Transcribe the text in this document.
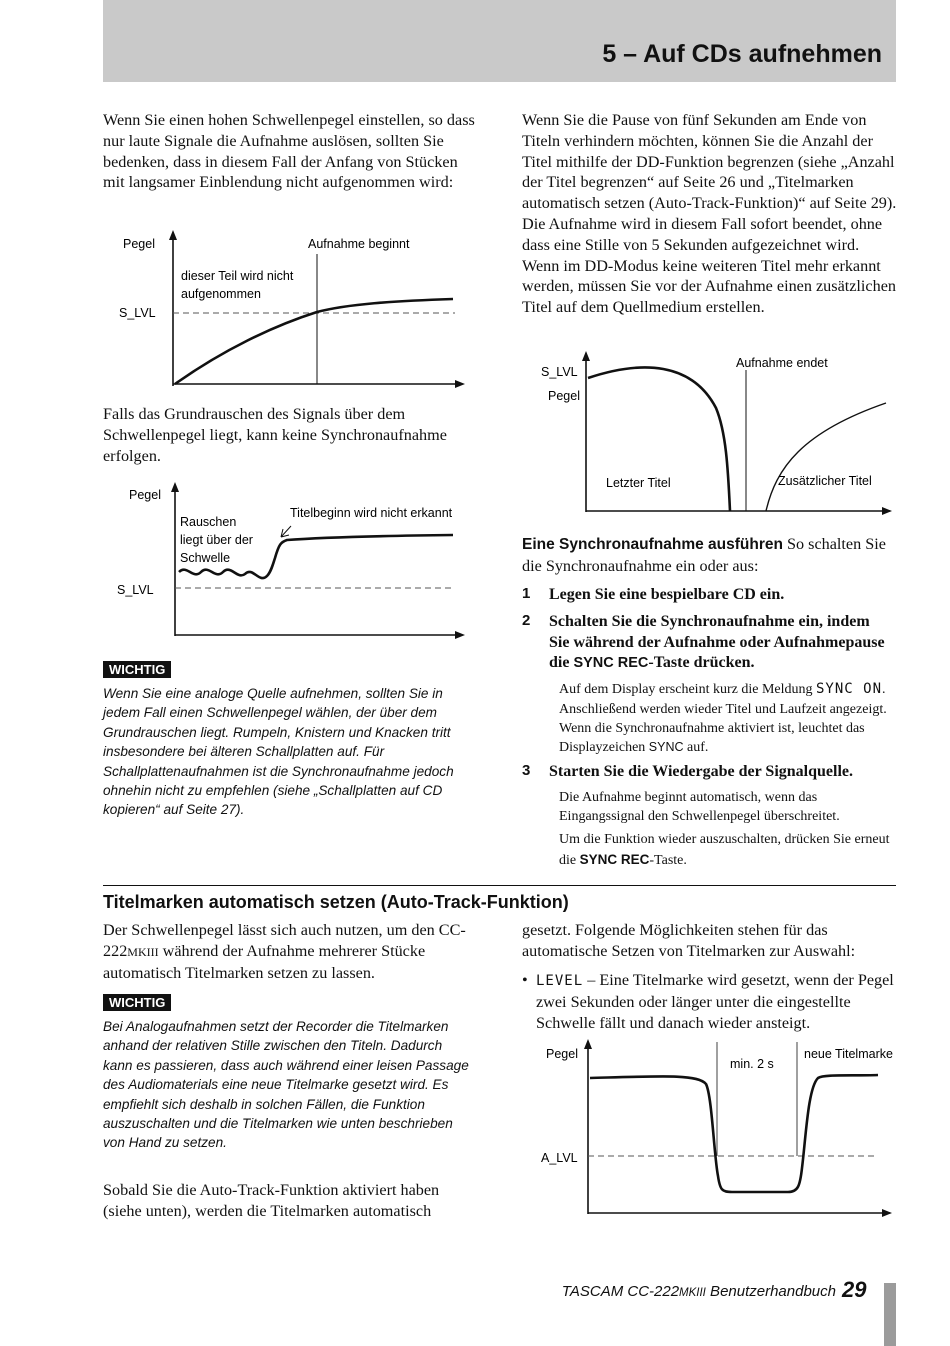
5 – Auf CDs aufnehmen
Wenn Sie einen hohen Schwellenpegel einstellen, so dass nur laute Signale die Aufnahme auslösen, sollten Sie bedenken, dass in diesem Fall der Anfang von Stücken mit langsamer Einblendung nicht aufgenommen wird:
Pegel
S_LVL
Aufnahme beginnt
dieser Teil wird nicht
aufgenommen
Falls das Grundrauschen des Signals über dem Schwellenpegel liegt, kann keine Synchronaufnahme erfolgen.
Pegel
S_LVL
Rauschen
liegt über der
Schwelle
Titelbeginn wird nicht erkannt
WICHTIG
Wenn Sie eine analoge Quelle aufnehmen, sollten Sie in jedem Fall einen Schwellenpegel wählen, der über dem Grundrauschen liegt. Rumpeln, Knistern und Knacken tritt insbesondere bei älteren Schallplatten auf. Für Schallplattenaufnahmen ist die Synchronaufnahme jedoch ohnehin nicht zu empfehlen (siehe „Schallplatten auf CD kopieren“ auf Seite 27).
Wenn Sie die Pause von fünf Sekunden am Ende von Titeln verhindern möchten, können Sie die Anzahl der Titel mithilfe der DD-Funktion begrenzen (siehe „Anzahl der Titel begrenzen“ auf Seite 26 und „Titelmarken automatisch setzen (Auto-Track-Funktion)“ auf Seite 29). Die Aufnahme wird in diesem Fall sofort beendet, ohne dass eine Stille von 5 Sekunden aufgezeichnet wird. Wenn im DD-Modus keine weiteren Titel mehr erkannt werden, müssen Sie vor der Aufnahme einen zusätzlichen Titel auf dem Quellmedium erstellen.
S_LVL
Pegel
Aufnahme endet
Letzter Titel	Zusätzlicher Titel
Eine Synchronaufnahme ausführen So schalten Sie die Synchronaufnahme ein oder aus:
1 Legen Sie eine bespielbare CD ein.
2 Schalten Sie die Synchronaufnahme ein, indem Sie während der Aufnahme oder Aufnahmepause die SYNC REC-Taste drücken.
Auf dem Display erscheint kurz die Meldung SYNC ON. Anschließend werden wieder Titel und Laufzeit angezeigt. Wenn die Synchronaufnahme aktiviert ist, leuchtet das Displayzeichen SYNC auf.
3 Starten Sie die Wiedergabe der Signalquelle.
Die Aufnahme beginnt automatisch, wenn das Eingangssignal den Schwellenpegel überschreitet.
Um die Funktion wieder auszuschalten, drücken Sie erneut die SYNC REC-Taste.
Titelmarken automatisch setzen (Auto-Track-Funktion)
Der Schwellenpegel lässt sich auch nutzen, um den CC-222MKIII während der Aufnahme mehrerer Stücke automatisch Titelmarken setzen zu lassen.
WICHTIG
Bei Analogaufnahmen setzt der Recorder die Titelmarken anhand der relativen Stille zwischen den Titeln. Dadurch kann es passieren, dass auch während einer leisen Passage des Audiomaterials eine neue Titelmarke gesetzt wird. Es empfiehlt sich deshalb in solchen Fällen, die Funktion auszuschalten und die Titelmarken wie unten beschrieben von Hand zu setzen.
Sobald Sie die Auto-Track-Funktion aktiviert haben (siehe unten), werden die Titelmarken automatisch
gesetzt. Folgende Möglichkeiten stehen für das automatische Setzen von Titelmarken zur Auswahl:
• LEVEL – Eine Titelmarke wird gesetzt, wenn der Pegel zwei Sekunden oder länger unter die eingestellte Schwelle fällt und danach wieder ansteigt.
Pegel
A_LVL
min. 2 s
neue Titelmarke
TASCAM CC-222MKIII Benutzerhandbuch 29
